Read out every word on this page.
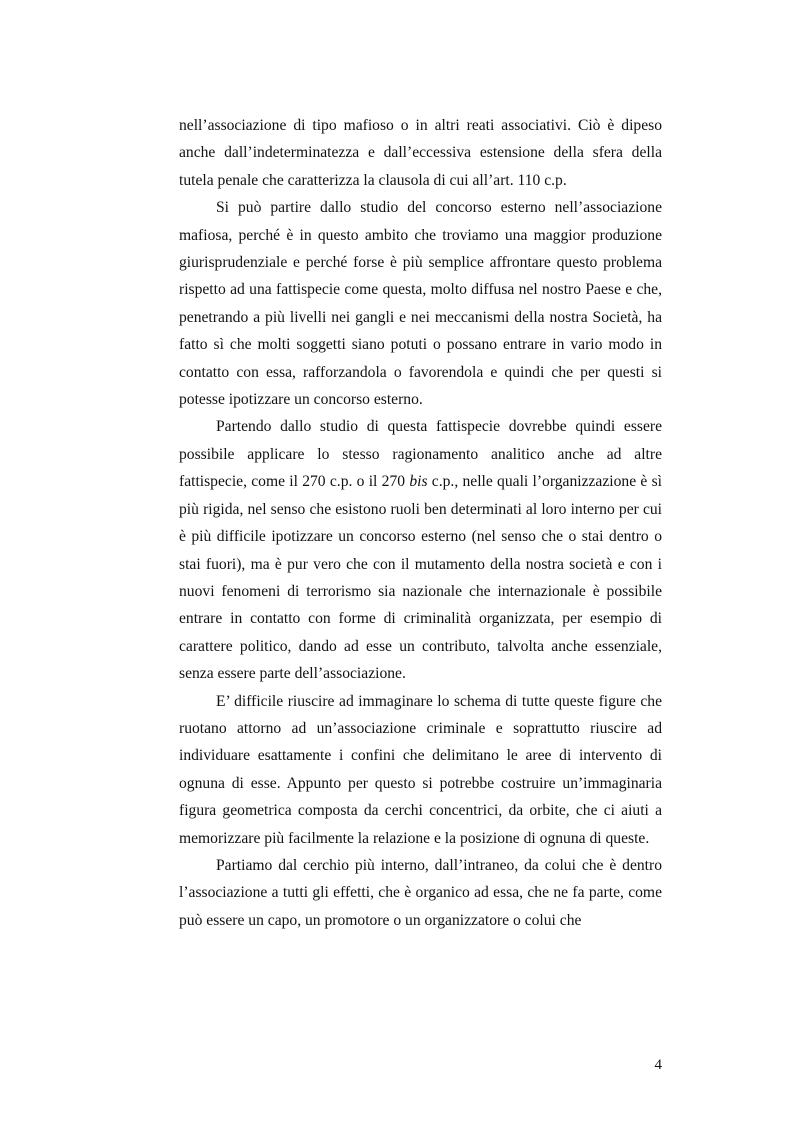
nell’associazione di tipo mafioso o in altri reati associativi. Ciò è dipeso anche dall’indeterminatezza e dall’eccessiva estensione della sfera della tutela penale che caratterizza la clausola di cui all’art. 110 c.p.

Si può partire dallo studio del concorso esterno nell’associazione mafiosa, perché è in questo ambito che troviamo una maggior produzione giurisprudenziale e perché forse è più semplice affrontare questo problema rispetto ad una fattispecie come questa, molto diffusa nel nostro Paese e che, penetrando a più livelli nei gangli e nei meccanismi della nostra Società, ha fatto sì che molti soggetti siano potuti o possano entrare in vario modo in contatto con essa, rafforzandola o favorendola e quindi che per questi si potesse ipotizzare un concorso esterno.

Partendo dallo studio di questa fattispecie dovrebbe quindi essere possibile applicare lo stesso ragionamento analitico anche ad altre fattispecie, come il 270 c.p. o il 270 bis c.p., nelle quali l’organizzazione è sì più rigida, nel senso che esistono ruoli ben determinati al loro interno per cui è più difficile ipotizzare un concorso esterno (nel senso che o stai dentro o stai fuori), ma è pur vero che con il mutamento della nostra società e con i nuovi fenomeni di terrorismo sia nazionale che internazionale è possibile entrare in contatto con forme di criminalità organizzata, per esempio di carattere politico, dando ad esse un contributo, talvolta anche essenziale, senza essere parte dell’associazione.

E’ difficile riuscire ad immaginare lo schema di tutte queste figure che ruotano attorno ad un’associazione criminale e soprattutto riuscire ad individuare esattamente i confini che delimitano le aree di intervento di ognuna di esse. Appunto per questo si potrebbe costruire un’immaginaria figura geometrica composta da cerchi concentrici, da orbite, che ci aiuti a memorizzare più facilmente la relazione e la posizione di ognuna di queste.

Partiamo dal cerchio più interno, dall’intraneo, da colui che è dentro l’associazione a tutti gli effetti, che è organico ad essa, che ne fa parte, come può essere un capo, un promotore o un organizzatore o colui che

4
